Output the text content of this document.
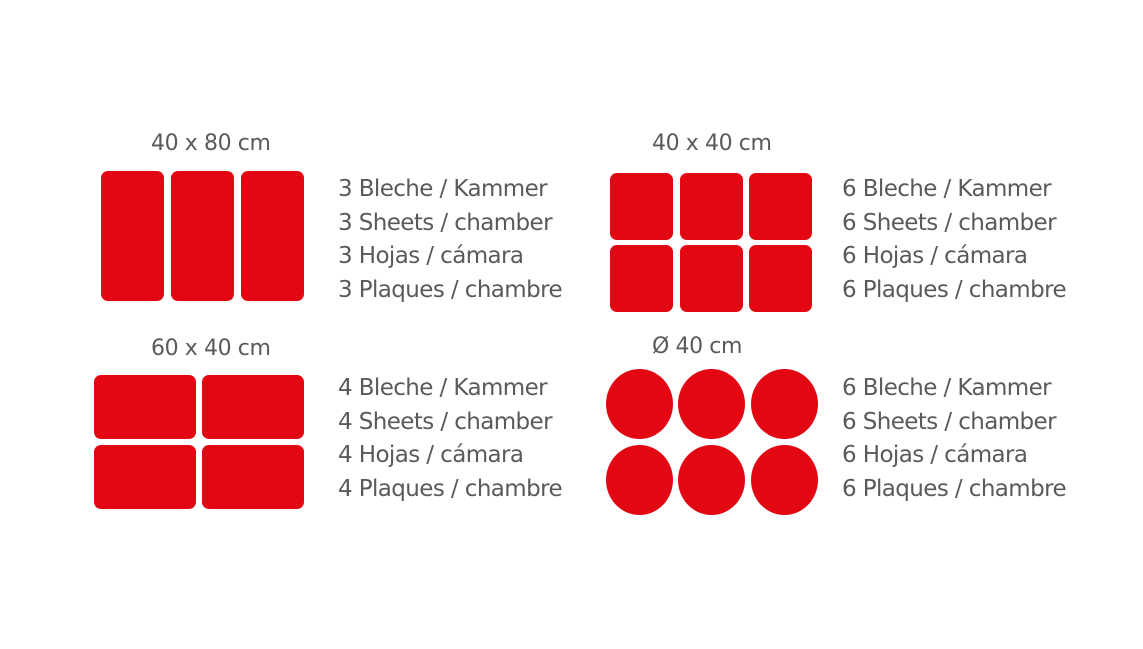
40 x 80 cm
3 Bleche / Kammer
3 Sheets / chamber
3 Hojas / cámara
3 Plaques / chambre
40 x 40 cm
6 Bleche / Kammer
6 Sheets / chamber
6 Hojas / cámara
6 Plaques / chambre
60 x 40 cm
4 Bleche / Kammer
4 Sheets / chamber
4 Hojas / cámara
4 Plaques / chambre
Ø 40 cm
6 Bleche / Kammer
6 Sheets / chamber
6 Hojas / cámara
6 Plaques / chambre
